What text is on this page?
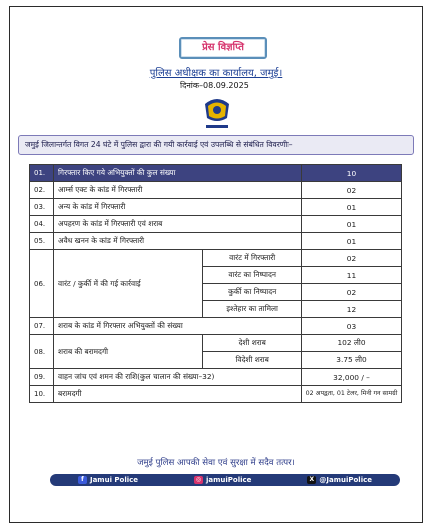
प्रेस विज्ञप्ति
पुलिस अधीक्षक का कार्यालय, जमुई।
दिनांक–08.09.2025
जमुई जिलान्तर्गत विगत 24 घंटे में पुलिस द्वारा की गयी कार्रवाई एवं उपलब्धि से संबंधित विवरणीः–
01.	गिरफ्तार किए गये अभियुक्तों की कुल संख्या		10
02.	आर्म्स एक्ट के कांड में गिरफ्तारी		02
03.	अन्य के कांड में गिरफ्तारी		01
04.	अपहरण के कांड में गिरफ्तारी एवं शराब		01
05.	अवैध खनन के कांड में गिरफ्तारी		01
06.	वारंट / कुर्की में की गई कार्रवाई	वारंट में गिरफ्तारी	02
		वारंट का निष्पादन	11
		कुर्की का निष्पादन	02
		इश्तेहार का तामिला	12
07.	शराब के कांड में गिरफ्तार अभियुक्तों की संख्या		03
08.	शराब की बरामदगी	देशी शराब	102 ली0
		विदेशी शराब	3.75 ली0
09.	वाहन जांच एवं शमन की राशि(कुल चालान की संख्या–32)		32,000 / –
10.	बरामदगी		02 अपद्वता, 01 टेलर, मिनी गन सामग्री
जमुई पुलिस आपकी सेवा एवं सुरक्षा में सदैव तत्पर।
f Jamui Police	◎ jamuiPolice	X @JamuiPolice
